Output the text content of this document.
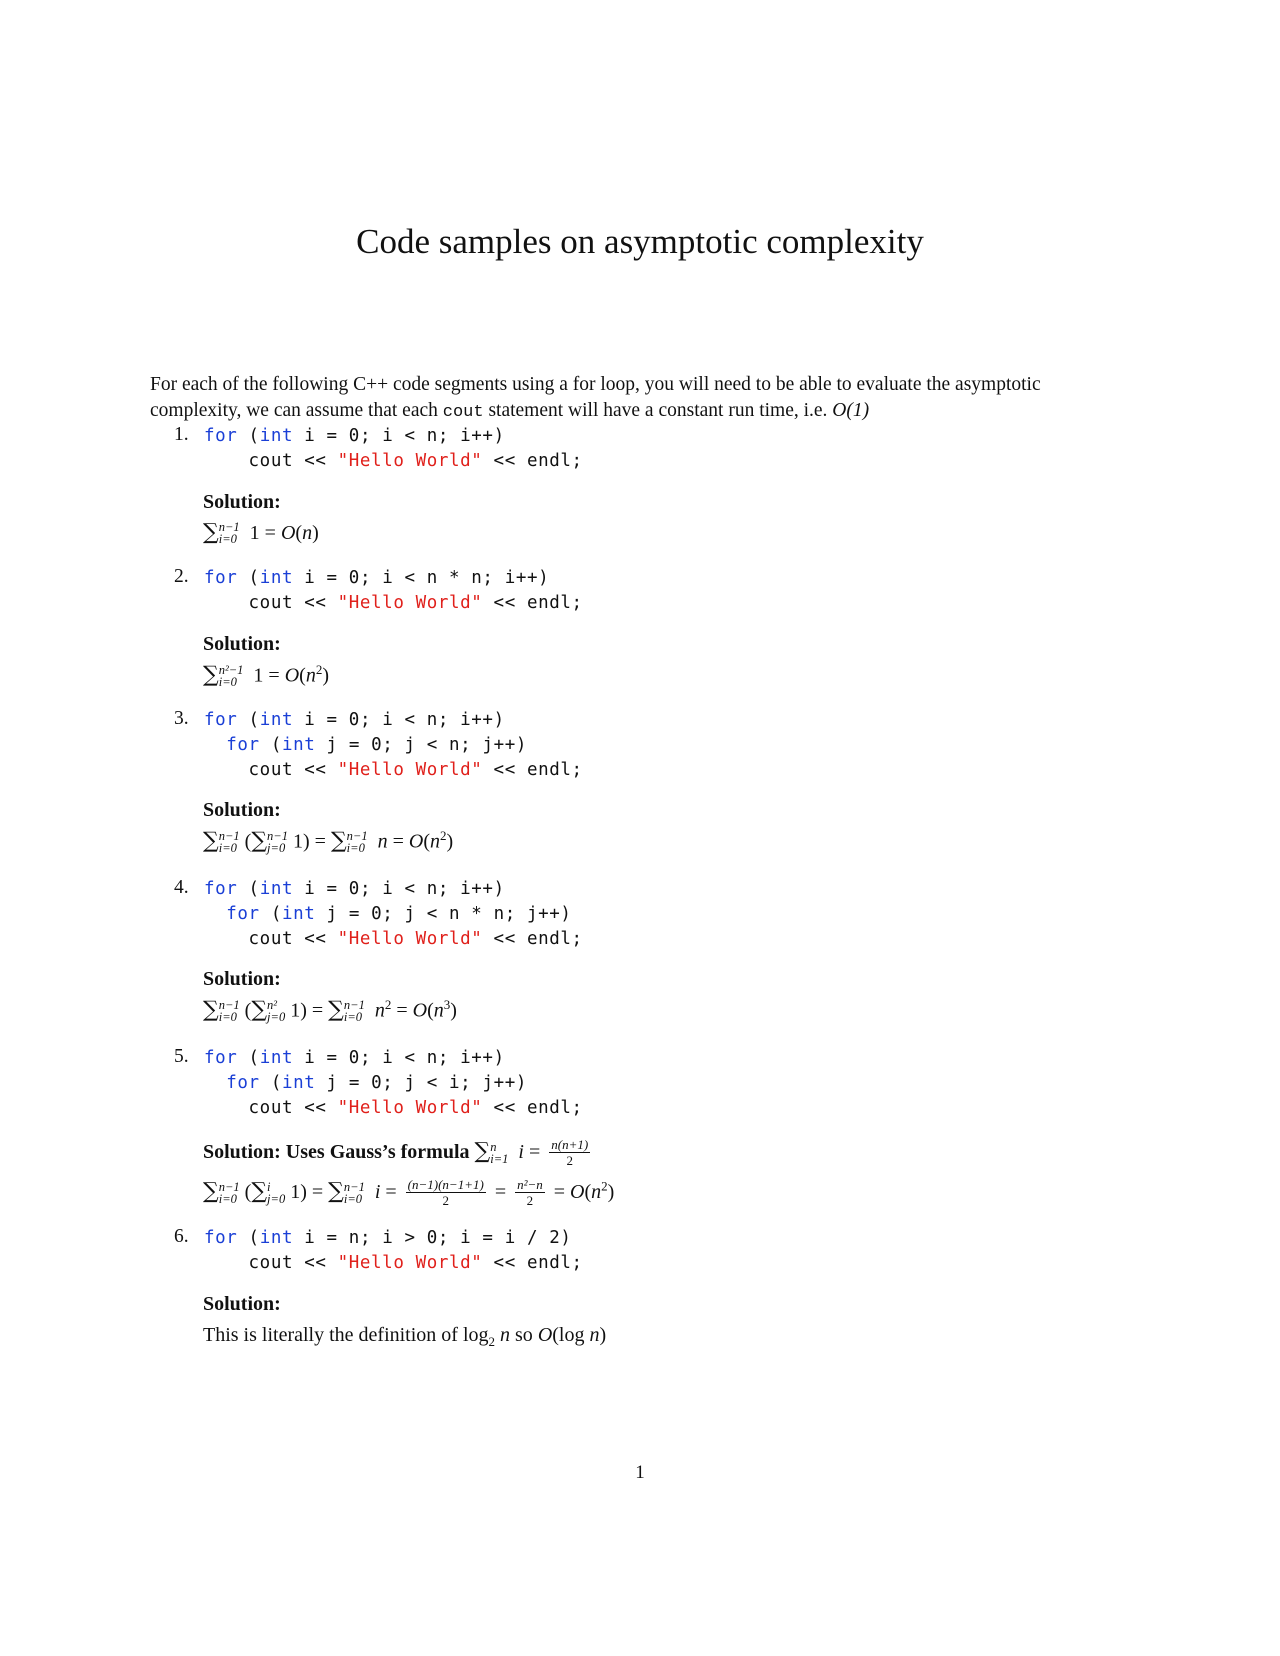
Code samples on asymptotic complexity
For each of the following C++ code segments using a for loop, you will need to be able to evaluate the asymptotic complexity, we can assume that each cout statement will have a constant run time, i.e. O(1)
1. for (int i = 0; i < n; i++)
cout << "Hello World" << endl;
Solution:
∑ n−1
i=0 1 = O(n)
2. for (int i = 0; i < n * n; i++)
cout << "Hello World" << endl;
Solution:
∑ n²−1
i=0 $1 = O(n^2)$
3. for (int i = 0; i < n; i++)
for (int j = 0; j < n; j++)
cout << "Hello World" << endl;
Solution:
∑ n−1
i=0 (∑ n−1
j=0 1) = ∑ n−1
i=0 $n = O(n^2)$
4. for (int i = 0; i < n; i++)
for (int j = 0; j < n * n; j++)
cout << "Hello World" << endl;
Solution:
∑ n−1
i=0 (∑ n²
j=0 1) = ∑ n−1
i=0 $n^2 = O(n^3)$
5. for (int i = 0; i < n; i++)
for (int j = 0; j < i; j++)
cout << "Hello World" << endl;
Solution: Uses Gauss’s formula ∑ n
i=1 $i = \frac{n(n+1)}{2}$
∑ n−1
i=0 (∑ i
j=0 1) = ∑ n−1
i=0 $i = \frac{(n-1)(n-1+1)}{2} = \frac{\text{n²−n}}{2} = O(n^2)$
6. for (int i = n; i > 0; i = i / 2)
cout << "Hello World" << endl;
Solution:
This is literally the definition of $\log_2 n$ so O(log n)
1
